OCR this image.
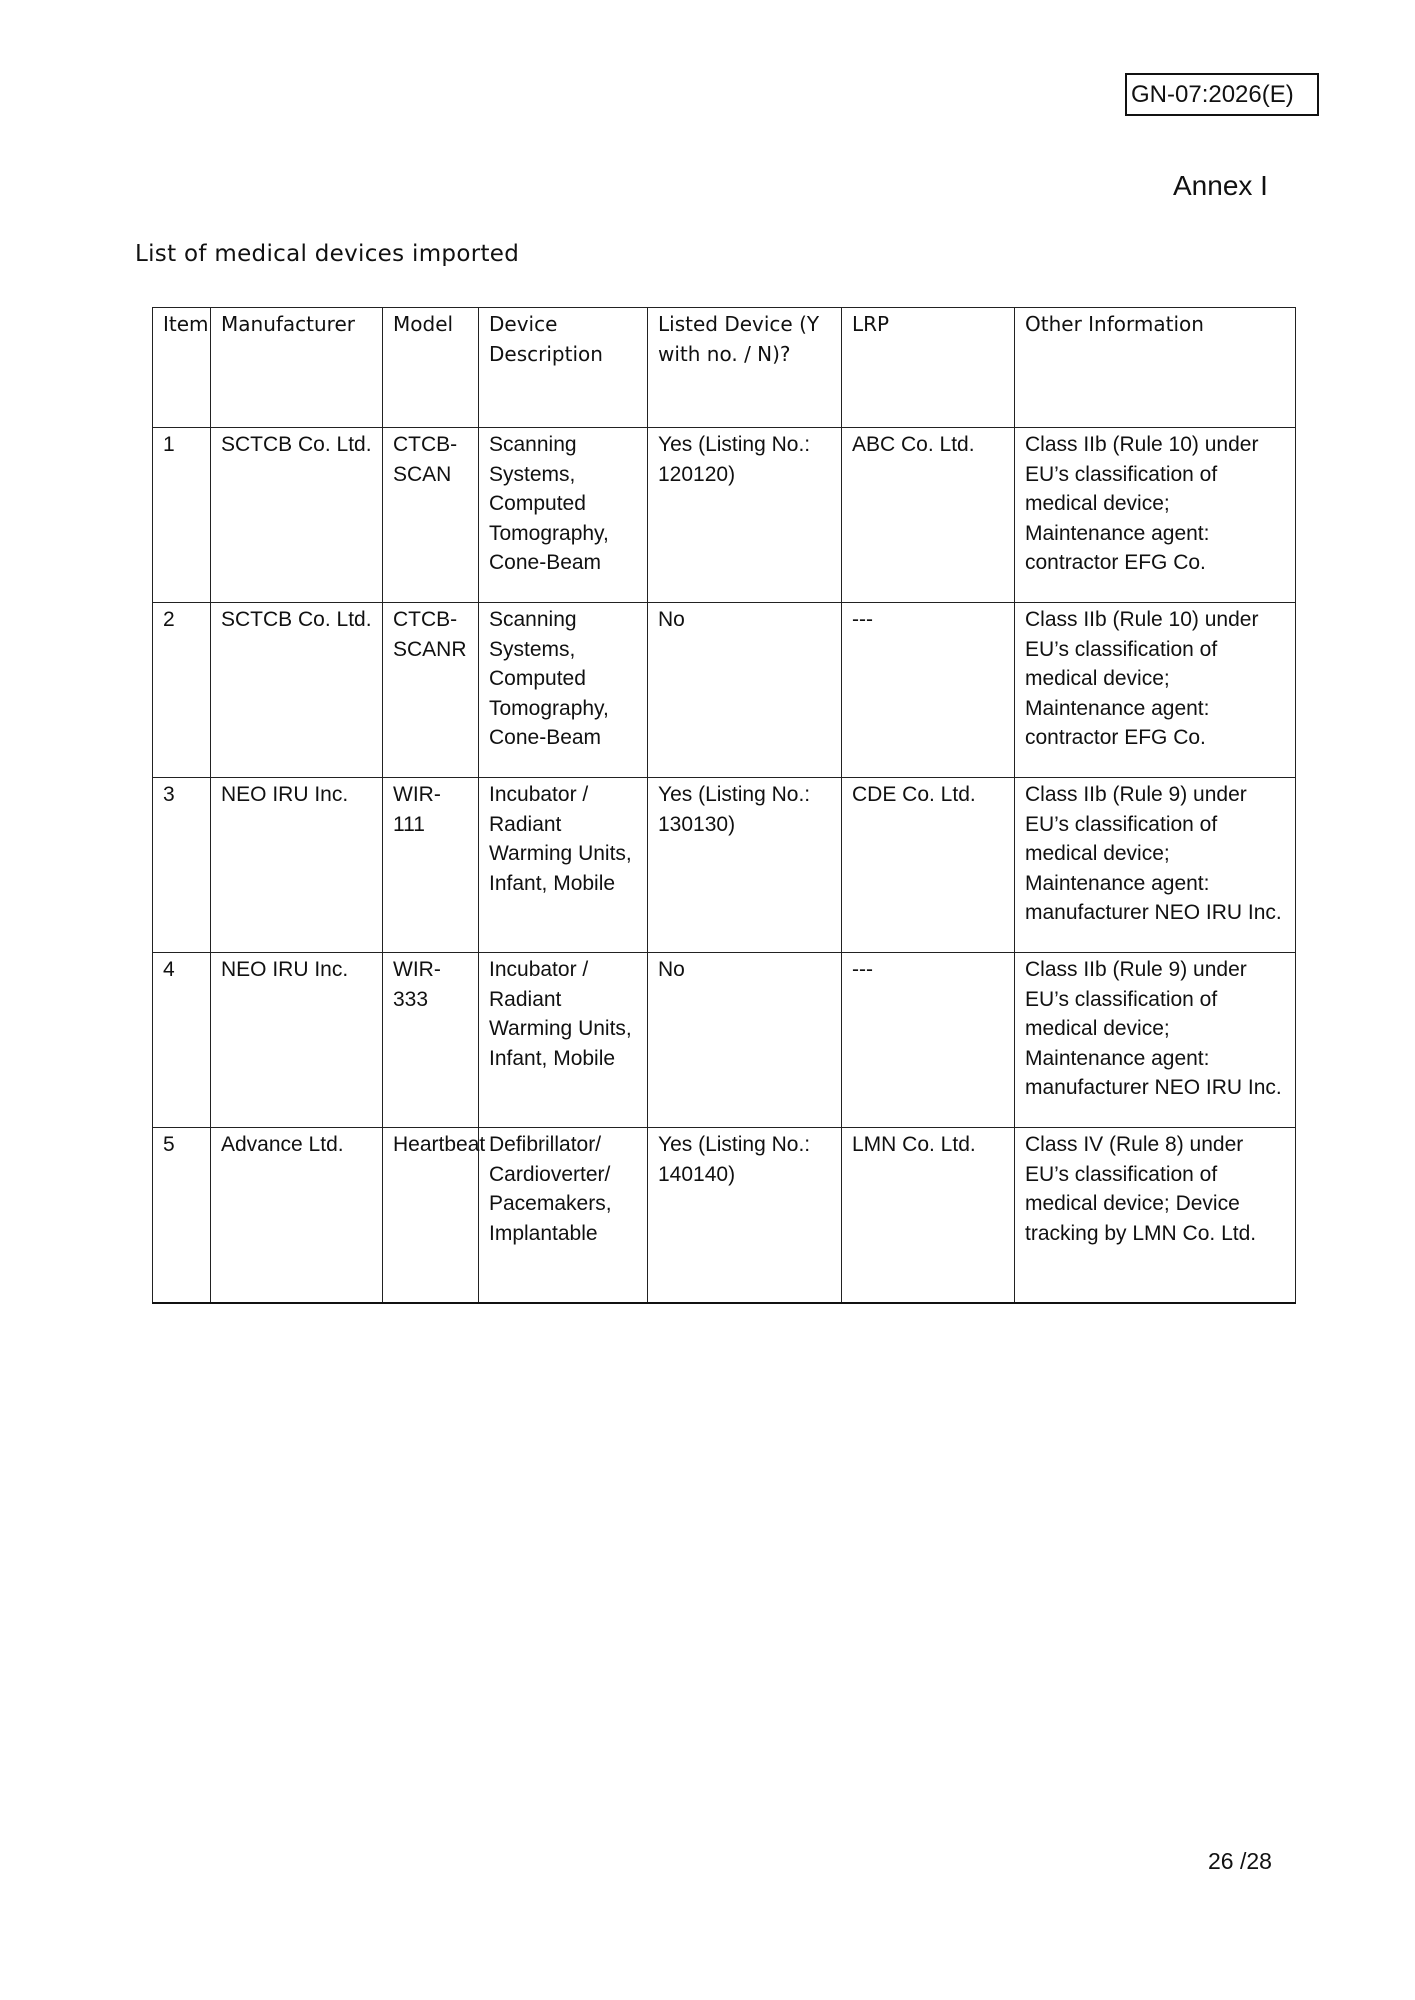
GN-07:2026(E)
Annex I
List of medical devices imported
Item	Manufacturer	Model	Device Description	Listed Device (Y with no. / N)?	LRP	Other Information
1	SCTCB Co. Ltd.	CTCB-SCAN	Scanning Systems, Computed Tomography, Cone-Beam	Yes (Listing No.: 120120)	ABC Co. Ltd.	Class IIb (Rule 10) under EU’s classification of medical device; Maintenance agent: contractor EFG Co.
2	SCTCB Co. Ltd.	CTCB-SCANR	Scanning Systems, Computed Tomography, Cone-Beam	No	---	Class IIb (Rule 10) under EU’s classification of medical device; Maintenance agent: contractor EFG Co.
3	NEO IRU Inc.	WIR-111	Incubator / Radiant Warming Units, Infant, Mobile	Yes (Listing No.: 130130)	CDE Co. Ltd.	Class IIb (Rule 9) under EU’s classification of medical device; Maintenance agent: manufacturer NEO IRU Inc.
4	NEO IRU Inc.	WIR-333	Incubator / Radiant Warming Units, Infant, Mobile	No	---	Class IIb (Rule 9) under EU’s classification of medical device; Maintenance agent: manufacturer NEO IRU Inc.
5	Advance Ltd.	Heartbeat	Defibrillator/ Cardioverter/ Pacemakers, Implantable	Yes (Listing No.: 140140)	LMN Co. Ltd.	Class IV (Rule 8) under EU’s classification of medical device; Device tracking by LMN Co. Ltd.
26 /28
